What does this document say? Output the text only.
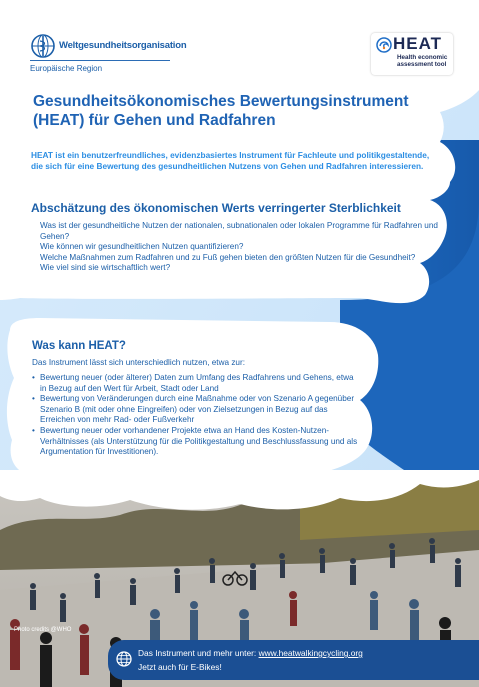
Weltgesundheitsorganisation
Europäische Region
HEAT
Health economic assessment tool
Gesundheitsökonomisches Bewertungsinstrument (HEAT) für Gehen und Radfahren
HEAT ist ein benutzerfreundliches, evidenzbasiertes Instrument für Fachleute und politikgestaltende, die sich für eine Bewertung des gesundheitlichen Nutzens von Gehen und Radfahren interessieren.
Abschätzung des ökonomischen Werts verringerter Sterblichkeit
Was ist der gesundheitliche Nutzen der nationalen, subnationalen oder lokalen Programme für Radfahren und Gehen?
Wie können wir gesundheitlichen Nutzen quantifizieren?
Welche Maßnahmen zum Radfahren und zu Fuß gehen bieten den größten Nutzen für die Gesundheit?
Wie viel sind sie wirtschaftlich wert?
Was kann HEAT?
Das Instrument lässt sich unterschiedlich nutzen, etwa zur:
• Bewertung neuer (oder älterer) Daten zum Umfang des Radfahrens und Gehens, etwa in Bezug auf den Wert für Arbeit, Stadt oder Land
• Bewertung von Veränderungen durch eine Maßnahme oder von Szenario A gegenüber Szenario B (mit oder ohne Eingreifen) oder von Zielsetzungen in Bezug auf das Erreichen von mehr Rad- oder Fußverkehr
• Bewertung neuer oder vorhandener Projekte etwa an Hand des Kosten-Nutzen-Verhältnisses (als Unterstützung für die Politikgestaltung und Beschlussfassung und als Argumentation für Investitionen).
Photo credits @WHO
Das Instrument und mehr unter: www.heatwalkingcycling.org
Jetzt auch für E-Bikes!
